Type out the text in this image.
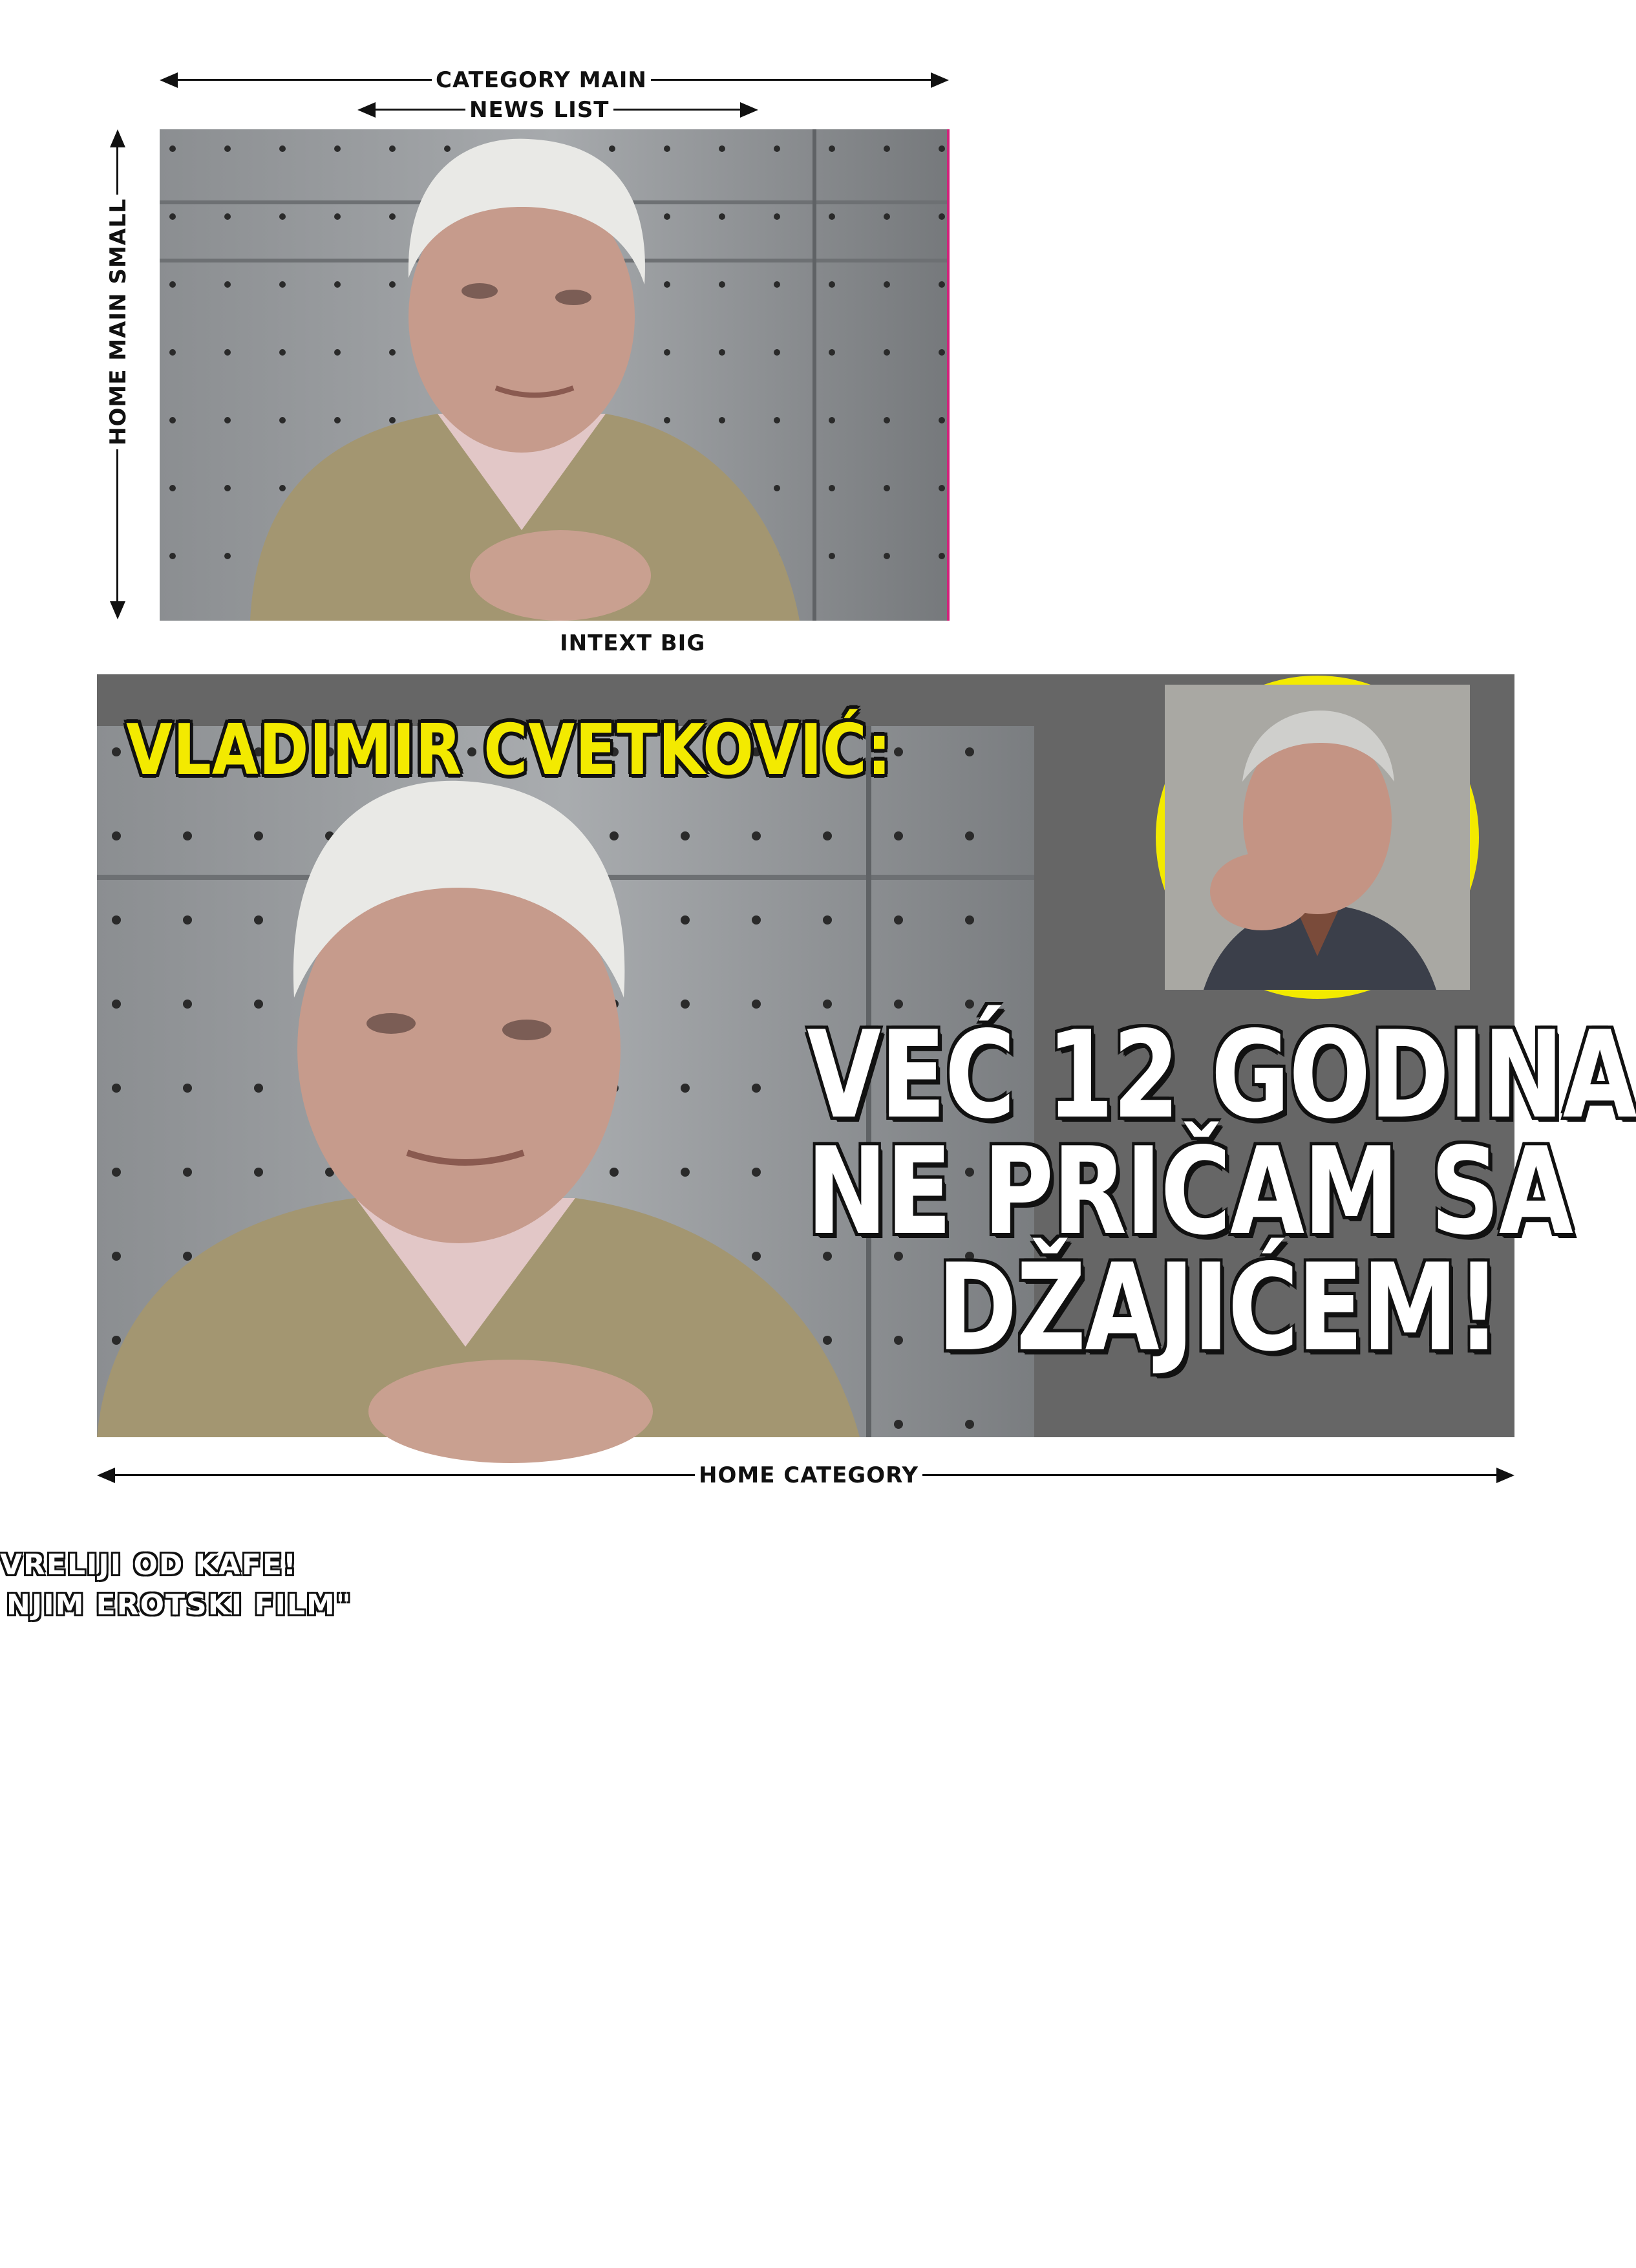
CATEGORY MAIN
NEWS LIST
HOME MAIN SMALL
INTEXT BIG
VLADIMIR CVETKOVIĆ:
VEĆ 12 GODINA
NE PRIČAM SA
DŽAJIĆEM!
HOME CATEGORY
VRELIJI OD KAFE!
NJIM EROTSKI FILM"
